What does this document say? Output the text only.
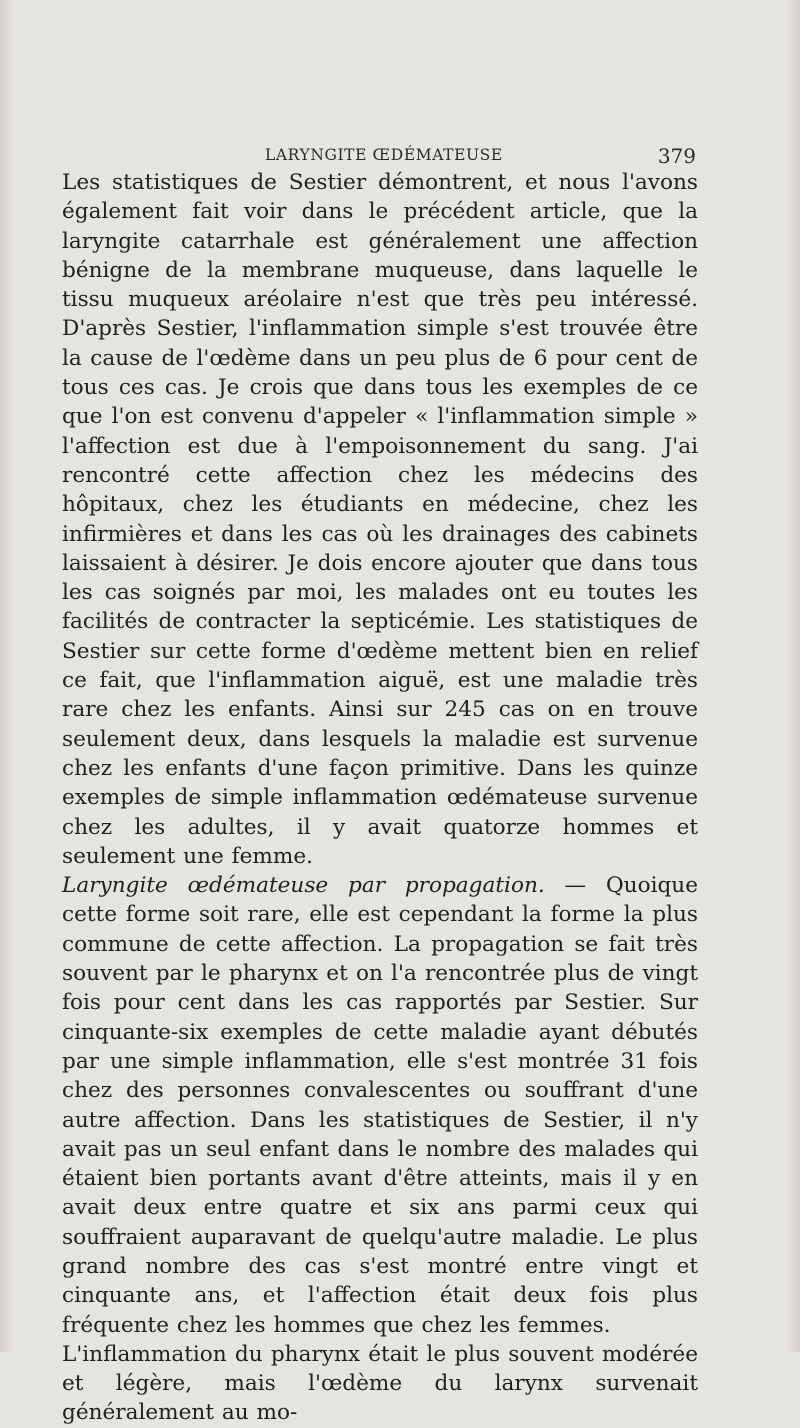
LARYNGITE ŒDÉMATEUSE	379

Les statistiques de Sestier démontrent, et nous l'avons également fait voir dans le précédent article, que la laryngite catarrhale est généralement une affection bénigne de la membrane muqueuse, dans laquelle le tissu muqueux aréolaire n'est que très peu intéressé. D'après Sestier, l'inflammation simple s'est trouvée être la cause de l'œdème dans un peu plus de 6 pour cent de tous ces cas. Je crois que dans tous les exemples de ce que l'on est convenu d'appeler « l'inflammation simple » l'affection est due à l'empoisonnement du sang. J'ai rencontré cette affection chez les médecins des hôpitaux, chez les étudiants en médecine, chez les infirmières et dans les cas où les drainages des cabinets laissaient à désirer. Je dois encore ajouter que dans tous les cas soignés par moi, les malades ont eu toutes les facilités de contracter la septicémie. Les statistiques de Sestier sur cette forme d'œdème mettent bien en relief ce fait, que l'inflammation aiguë, est une maladie très rare chez les enfants. Ainsi sur 245 cas on en trouve seulement deux, dans lesquels la maladie est survenue chez les enfants d'une façon primitive. Dans les quinze exemples de simple inflammation œdémateuse survenue chez les adultes, il y avait quatorze hommes et seulement une femme.

Laryngite œdémateuse par propagation. — Quoique cette forme soit rare, elle est cependant la forme la plus commune de cette affection. La propagation se fait très souvent par le pharynx et on l'a rencontrée plus de vingt fois pour cent dans les cas rapportés par Sestier. Sur cinquante-six exemples de cette maladie ayant débutés par une simple inflammation, elle s'est montrée 31 fois chez des personnes convalescentes ou souffrant d'une autre affection. Dans les statistiques de Sestier, il n'y avait pas un seul enfant dans le nombre des malades qui étaient bien portants avant d'être atteints, mais il y en avait deux entre quatre et six ans parmi ceux qui souffraient auparavant de quelqu'autre maladie. Le plus grand nombre des cas s'est montré entre vingt et cinquante ans, et l'affection était deux fois plus fréquente chez les hommes que chez les femmes.

L'inflammation du pharynx était le plus souvent modérée et légère, mais l'œdème du larynx survenait généralement au mo-
